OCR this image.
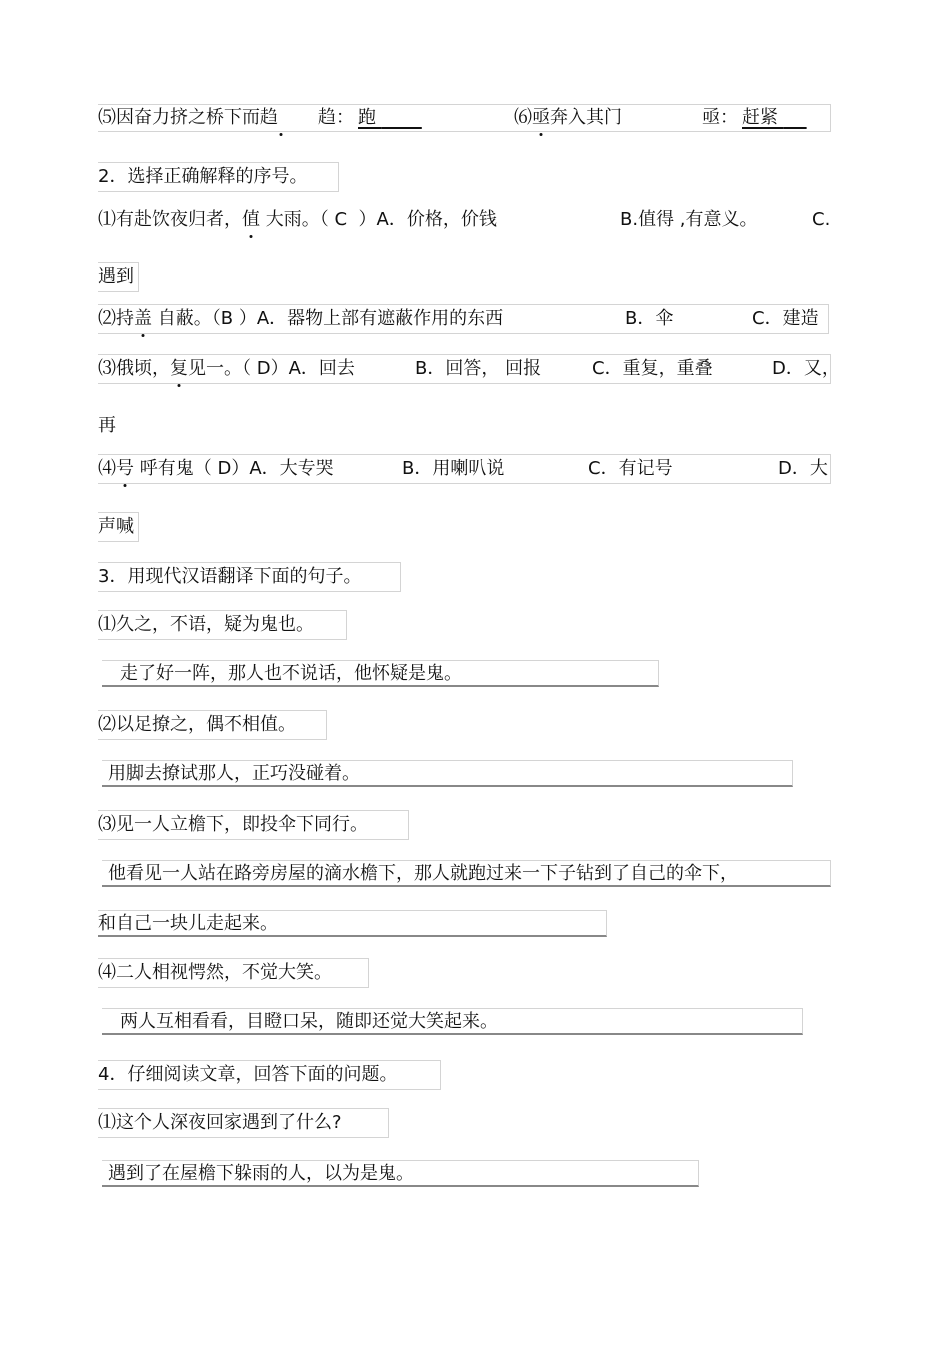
⑸因奋力挤之桥下而趋	趋： 跑	⑹亟奔入其门	亟： 赶紧
2．选择正确解释的序号。
⑴有赴饮夜归者，值 大雨。（ C ）A．价格，价钱	B.值得 ,有意义。	C.
遇到
⑵持盖 自蔽。（B ）A．器物上部有遮蔽作用的东西	B．伞	C．建造
⑶俄顷，复见一。（ D）A．回去	B．回答， 回报	C．重复，重叠	D．又，
再
⑷号 呼有鬼（ D）A．大专哭	B．用喇叭说	C．有记号	D．大
声喊
3．用现代汉语翻译下面的句子。
⑴久之，不语，疑为鬼也。
走了好一阵，那人也不说话，他怀疑是鬼。
⑵以足撩之，偶不相值。
用脚去撩试那人，正巧没碰着。
⑶见一人立檐下，即投伞下同行。
他看见一人站在路旁房屋的滴水檐下，那人就跑过来一下子钻到了自己的伞下，
和自己一块儿走起来。
⑷二人相视愕然，不觉大笑。
两人互相看看，目瞪口呆，随即还觉大笑起来。
4．仔细阅读文章，回答下面的问题。
⑴这个人深夜回家遇到了什么?
遇到了在屋檐下躲雨的人，以为是鬼。
